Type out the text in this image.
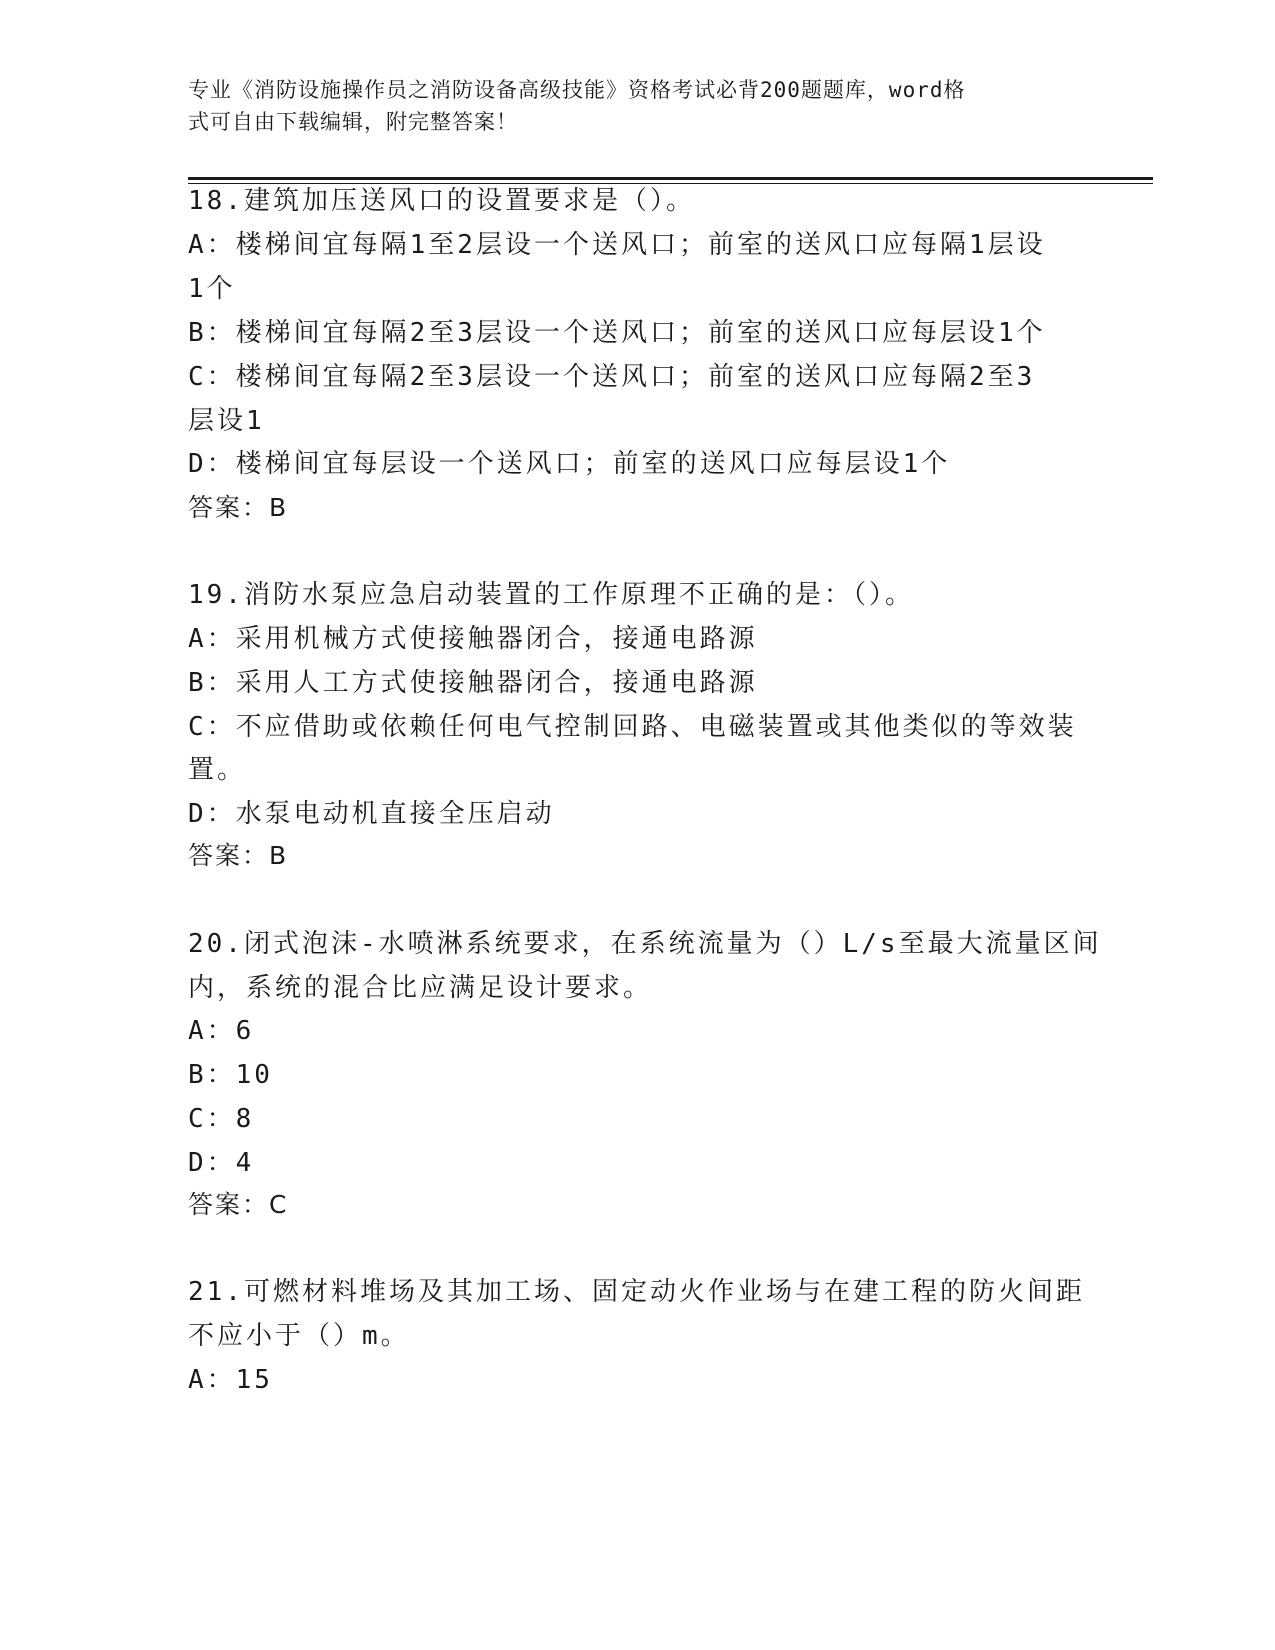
专业《消防设施操作员之消防设备高级技能》资格考试必背200题题库，word格
式可自由下载编辑，附完整答案！
18.建筑加压送风口的设置要求是（）。
A：楼梯间宜每隔1至2层设一个送风口；前室的送风口应每隔1层设
1个
B：楼梯间宜每隔2至3层设一个送风口；前室的送风口应每层设1个
C：楼梯间宜每隔2至3层设一个送风口；前室的送风口应每隔2至3
层设1
D：楼梯间宜每层设一个送风口；前室的送风口应每层设1个
答案：B
19.消防水泵应急启动装置的工作原理不正确的是：（）。
A：采用机械方式使接触器闭合，接通电路源
B：采用人工方式使接触器闭合，接通电路源
C：不应借助或依赖任何电气控制回路、电磁装置或其他类似的等效装
置。
D：水泵电动机直接全压启动
答案：B
20.闭式泡沫-水喷淋系统要求，在系统流量为（）L/s至最大流量区间
内，系统的混合比应满足设计要求。
A：6
B：10
C：8
D：4
答案：C
21.可燃材料堆场及其加工场、固定动火作业场与在建工程的防火间距
不应小于（）m。
A：15
